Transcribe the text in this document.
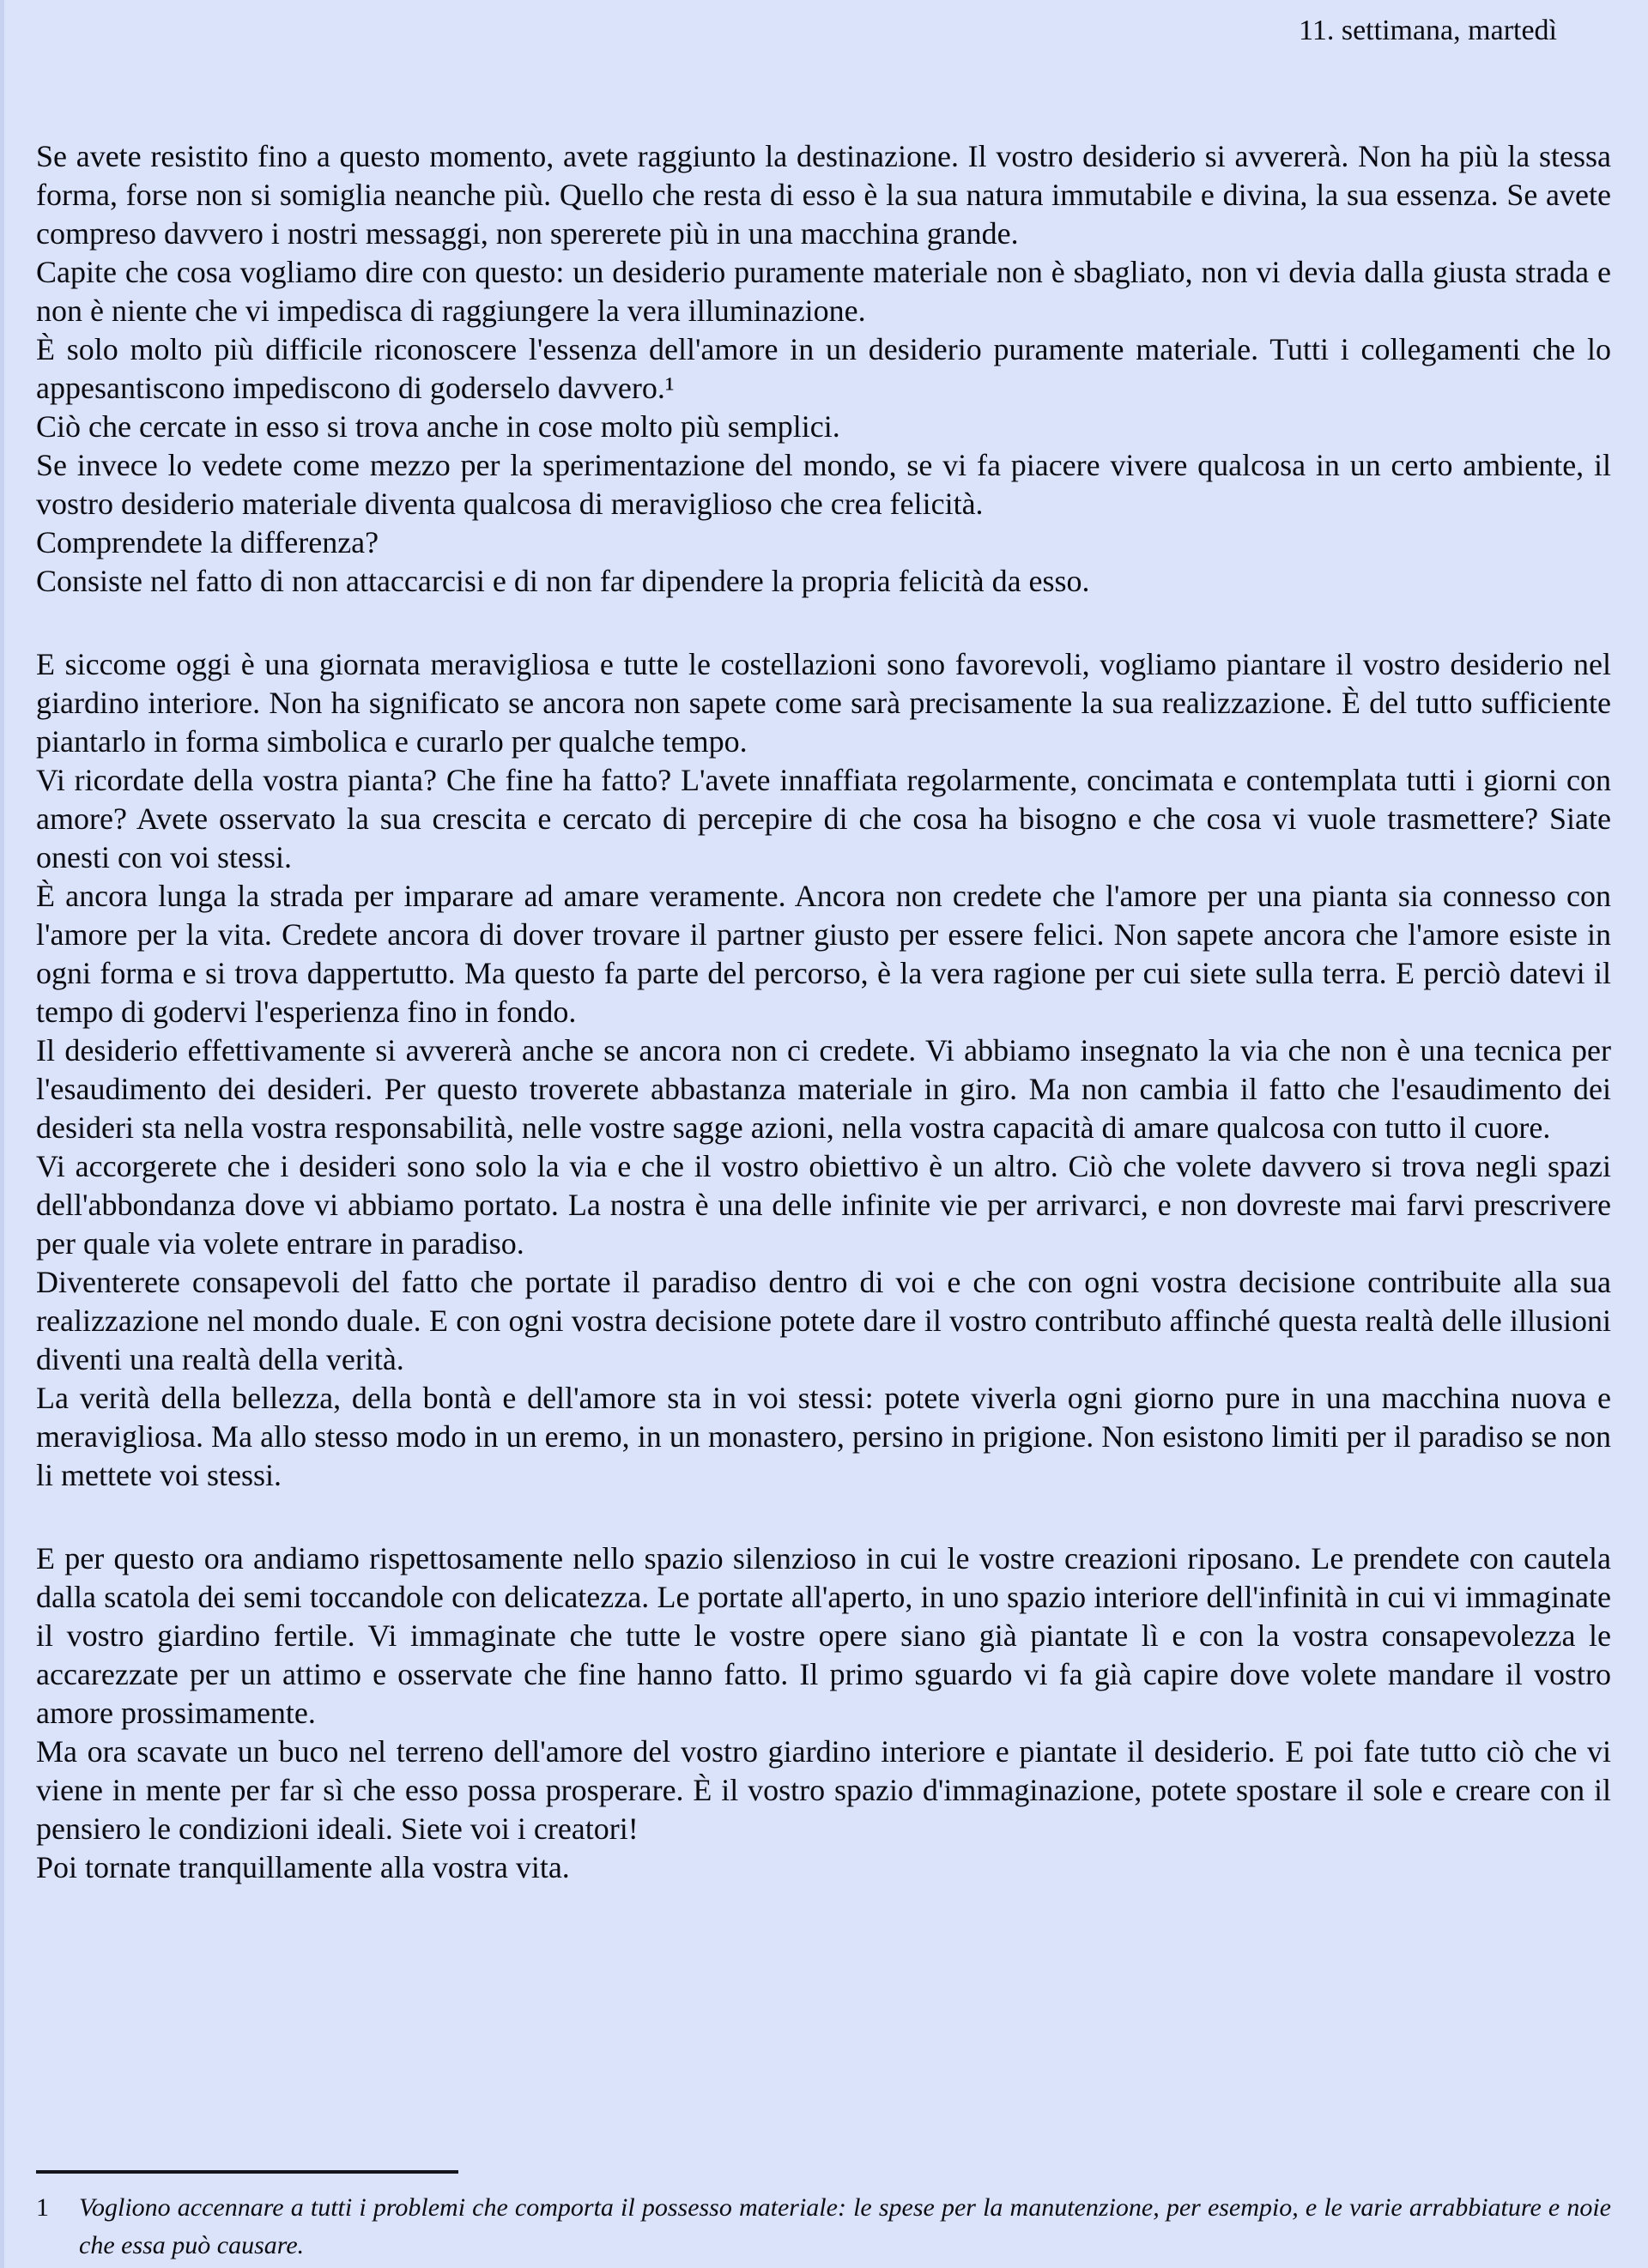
11. settimana, martedì

Se avete resistito fino a questo momento, avete raggiunto la destinazione. Il vostro desiderio si avvererà. Non ha più la stessa forma, forse non si somiglia neanche più. Quello che resta di esso è la sua natura immutabile e divina, la sua essenza. Se avete compreso davvero i nostri messaggi, non spererete più in una macchina grande.

Capite che cosa vogliamo dire con questo: un desiderio puramente materiale non è sbagliato, non vi devia dalla giusta strada e non è niente che vi impedisca di raggiungere la vera illuminazione.

È solo molto più difficile riconoscere l'essenza dell'amore in un desiderio puramente materiale. Tutti i collegamenti che lo appesantiscono impediscono di goderselo davvero.¹

Ciò che cercate in esso si trova anche in cose molto più semplici.

Se invece lo vedete come mezzo per la sperimentazione del mondo, se vi fa piacere vivere qualcosa in un certo ambiente, il vostro desiderio materiale diventa qualcosa di meraviglioso che crea felicità.

Comprendete la differenza?

Consiste nel fatto di non attaccarcisi e di non far dipendere la propria felicità da esso.

E siccome oggi è una giornata meravigliosa e tutte le costellazioni sono favorevoli, vogliamo piantare il vostro desiderio nel giardino interiore. Non ha significato se ancora non sapete come sarà precisamente la sua realizzazione. È del tutto sufficiente piantarlo in forma simbolica e curarlo per qualche tempo.

Vi ricordate della vostra pianta? Che fine ha fatto? L'avete innaffiata regolarmente, concimata e contemplata tutti i giorni con amore? Avete osservato la sua crescita e cercato di percepire di che cosa ha bisogno e che cosa vi vuole trasmettere? Siate onesti con voi stessi.

È ancora lunga la strada per imparare ad amare veramente. Ancora non credete che l'amore per una pianta sia connesso con l'amore per la vita. Credete ancora di dover trovare il partner giusto per essere felici. Non sapete ancora che l'amore esiste in ogni forma e si trova dappertutto. Ma questo fa parte del percorso, è la vera ragione per cui siete sulla terra. E perciò datevi il tempo di godervi l'esperienza fino in fondo.

Il desiderio effettivamente si avvererà anche se ancora non ci credete. Vi abbiamo insegnato la via che non è una tecnica per l'esaudimento dei desideri. Per questo troverete abbastanza materiale in giro. Ma non cambia il fatto che l'esaudimento dei desideri sta nella vostra responsabilità, nelle vostre sagge azioni, nella vostra capacità di amare qualcosa con tutto il cuore.

Vi accorgerete che i desideri sono solo la via e che il vostro obiettivo è un altro. Ciò che volete davvero si trova negli spazi dell'abbondanza dove vi abbiamo portato. La nostra è una delle infinite vie per arrivarci, e non dovreste mai farvi prescrivere per quale via volete entrare in paradiso.

Diventerete consapevoli del fatto che portate il paradiso dentro di voi e che con ogni vostra decisione contribuite alla sua realizzazione nel mondo duale. E con ogni vostra decisione potete dare il vostro contributo affinché questa realtà delle illusioni diventi una realtà della verità.

La verità della bellezza, della bontà e dell'amore sta in voi stessi: potete viverla ogni giorno pure in una macchina nuova e meravigliosa. Ma allo stesso modo in un eremo, in un monastero, persino in prigione. Non esistono limiti per il paradiso se non li mettete voi stessi.

E per questo ora andiamo rispettosamente nello spazio silenzioso in cui le vostre creazioni riposano. Le prendete con cautela dalla scatola dei semi toccandole con delicatezza. Le portate all'aperto, in uno spazio interiore dell'infinità in cui vi immaginate il vostro giardino fertile. Vi immaginate che tutte le vostre opere siano già piantate lì e con la vostra consapevolezza le accarezzate per un attimo e osservate che fine hanno fatto. Il primo sguardo vi fa già capire dove volete mandare il vostro amore prossimamente.

Ma ora scavate un buco nel terreno dell'amore del vostro giardino interiore e piantate il desiderio. E poi fate tutto ciò che vi viene in mente per far sì che esso possa prosperare. È il vostro spazio d'immaginazione, potete spostare il sole e creare con il pensiero le condizioni ideali. Siete voi i creatori!

Poi tornate tranquillamente alla vostra vita.

1 Vogliono accennare a tutti i problemi che comporta il possesso materiale: le spese per la manutenzione, per esempio, e le varie arrabbiature e noie che essa può causare.
